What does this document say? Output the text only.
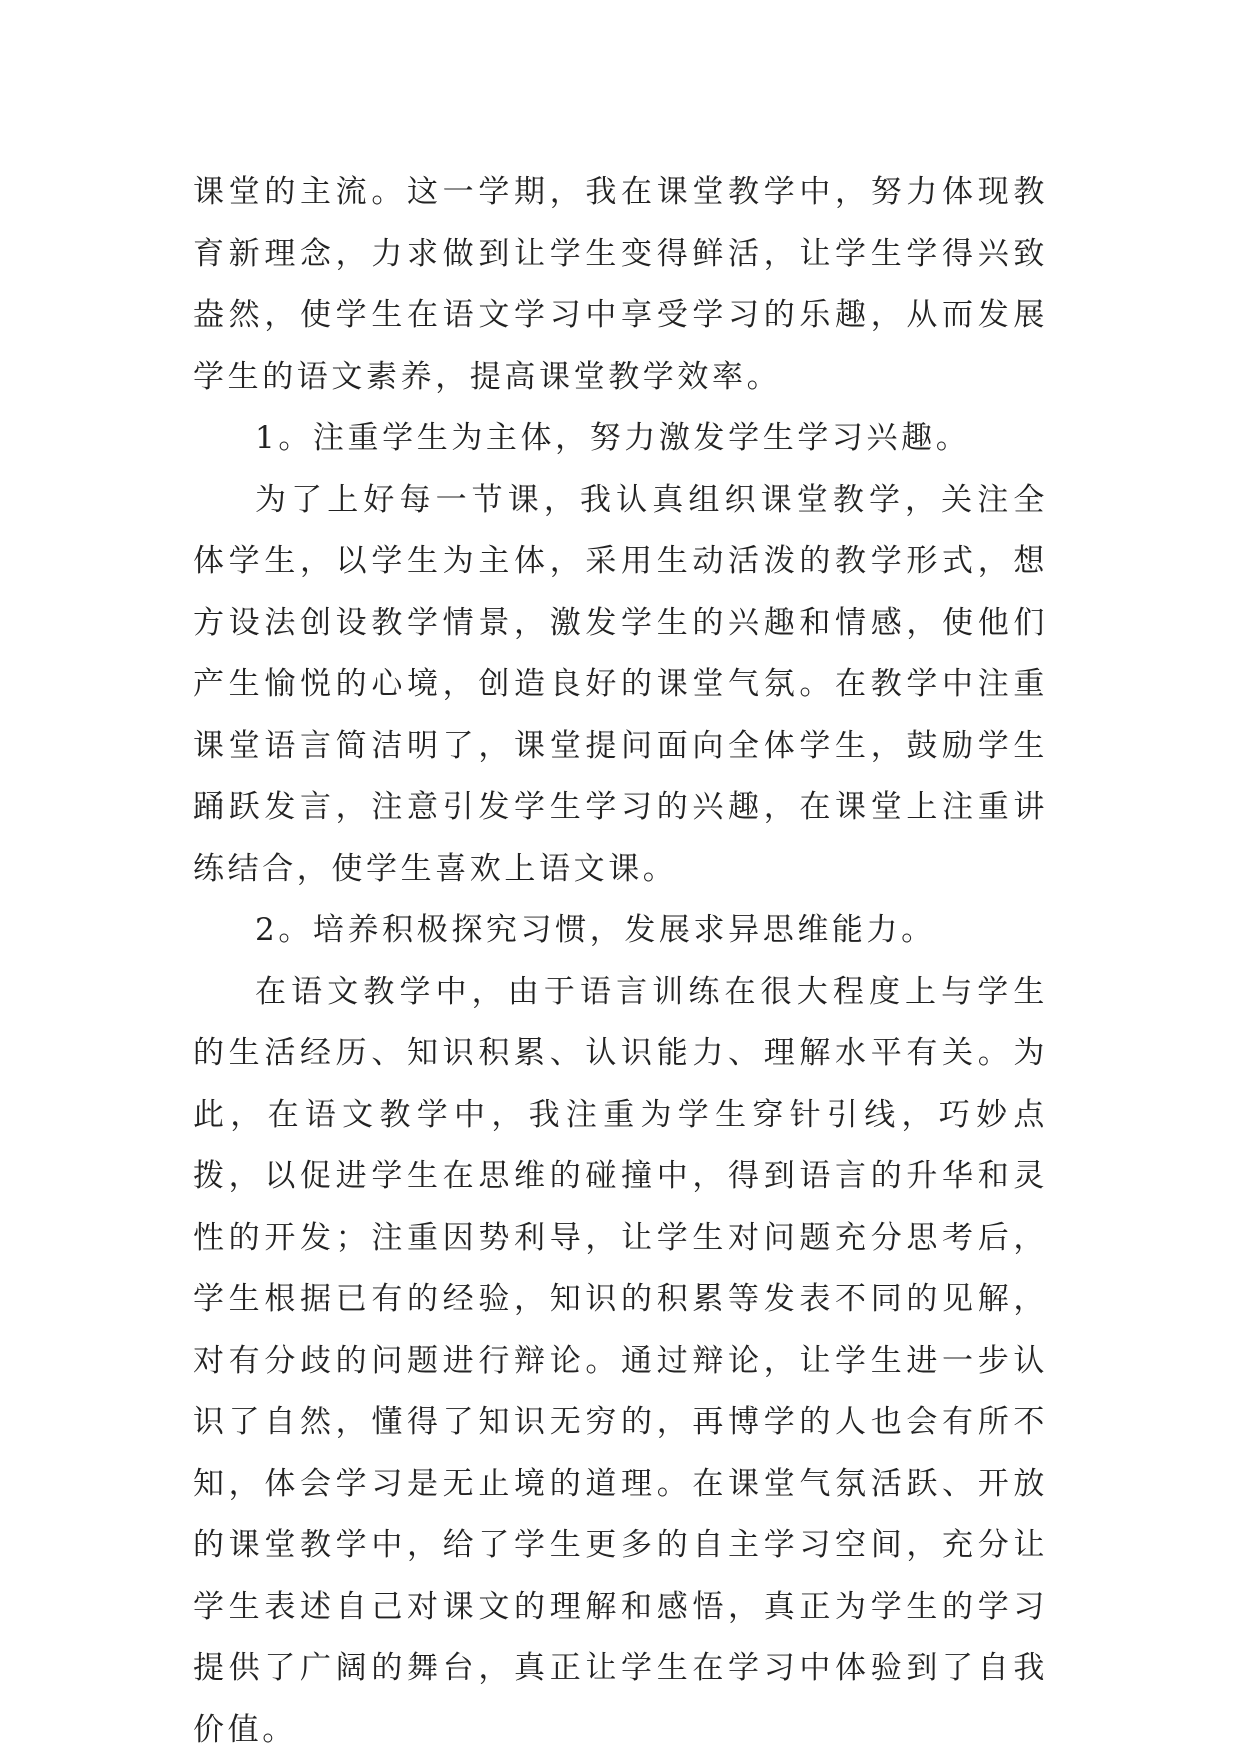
课堂的主流。这一学期，我在课堂教学中，努力体现教育新理念，力求做到让学生变得鲜活，让学生学得兴致盎然，使学生在语文学习中享受学习的乐趣，从而发展学生的语文素养，提高课堂教学效率。

1。注重学生为主体，努力激发学生学习兴趣。

为了上好每一节课，我认真组织课堂教学，关注全体学生，以学生为主体，采用生动活泼的教学形式，想方设法创设教学情景，激发学生的兴趣和情感，使他们产生愉悦的心境，创造良好的课堂气氛。在教学中注重课堂语言简洁明了，课堂提问面向全体学生，鼓励学生踊跃发言，注意引发学生学习的兴趣，在课堂上注重讲练结合，使学生喜欢上语文课。

2。培养积极探究习惯，发展求异思维能力。

在语文教学中，由于语言训练在很大程度上与学生的生活经历、知识积累、认识能力、理解水平有关。为此，在语文教学中，我注重为学生穿针引线，巧妙点拨，以促进学生在思维的碰撞中，得到语言的升华和灵性的开发；注重因势利导，让学生对问题充分思考后，学生根据已有的经验，知识的积累等发表不同的见解，对有分歧的问题进行辩论。通过辩论，让学生进一步认识了自然，懂得了知识无穷的，再博学的人也会有所不知，体会学习是无止境的道理。在课堂气氛活跃、开放的课堂教学中，给了学生更多的自主学习空间，充分让学生表述自己对课文的理解和感悟，真正为学生的学习提供了广阔的舞台，真正让学生在学习中体验到了自我价值。
